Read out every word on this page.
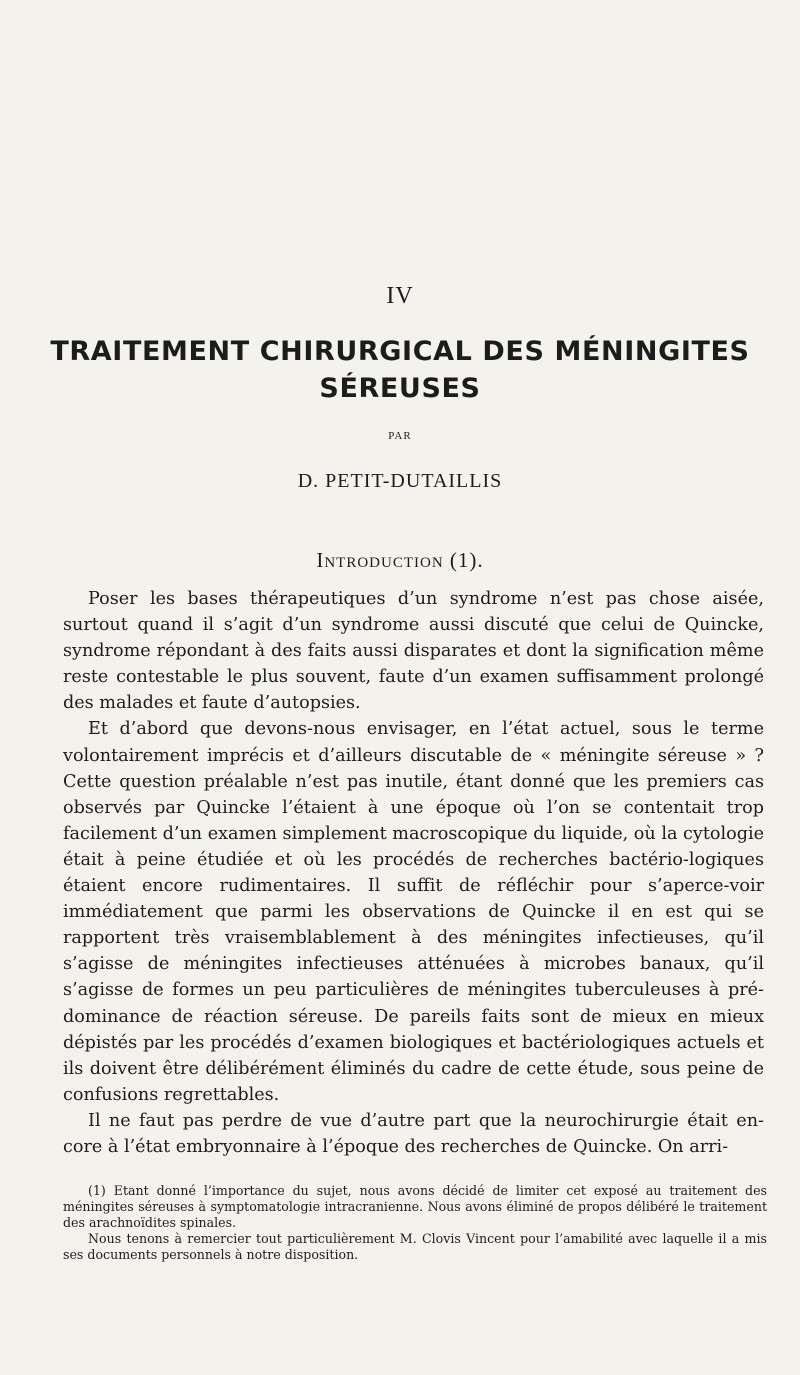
IV
TRAITEMENT CHIRURGICAL DES MÉNINGITES
SÉREUSES
PAR
D. PETIT-DUTAILLIS
Introduction (1).

Poser les bases thérapeutiques d’un syndrome n’est pas chose aisée, surtout quand il s’agit d’un syndrome aussi discuté que celui de Quincke, syndrome répondant à des faits aussi disparates et dont la signification même reste contestable le plus souvent, faute d’un examen suffisamment prolongé des malades et faute d’autopsies.

Et d’abord que devons-nous envisager, en l’état actuel, sous le terme volontairement imprécis et d’ailleurs discutable de « méningite séreuse » ? Cette question préalable n’est pas inutile, étant donné que les premiers cas observés par Quincke l’étaient à une époque où l’on se contentait trop facilement d’un examen simplement macroscopique du liquide, où la cytologie était à peine étudiée et où les procédés de recherches bactério-logiques étaient encore rudimentaires. Il suffit de réfléchir pour s’aperce-voir immédiatement que parmi les observations de Quincke il en est qui se rapportent très vraisemblablement à des méningites infectieuses, qu’il s’agisse de méningites infectieuses atténuées à microbes banaux, qu’il s’agisse de formes un peu particulières de méningites tuberculeuses à pré-dominance de réaction séreuse. De pareils faits sont de mieux en mieux dépistés par les procédés d’examen biologiques et bactériologiques actuels et ils doivent être délibérément éliminés du cadre de cette étude, sous peine de confusions regrettables.

Il ne faut pas perdre de vue d’autre part que la neurochirurgie était en-core à l’état embryonnaire à l’époque des recherches de Quincke. On arri-

(1) Etant donné l’importance du sujet, nous avons décidé de limiter cet exposé au traitement des méningites séreuses à symptomatologie intracranienne. Nous avons éliminé de propos délibéré le traitement des arachnoïdites spinales.

Nous tenons à remercier tout particulièrement M. Clovis Vincent pour l’amabilité avec laquelle il a mis ses documents personnels à notre disposition.
